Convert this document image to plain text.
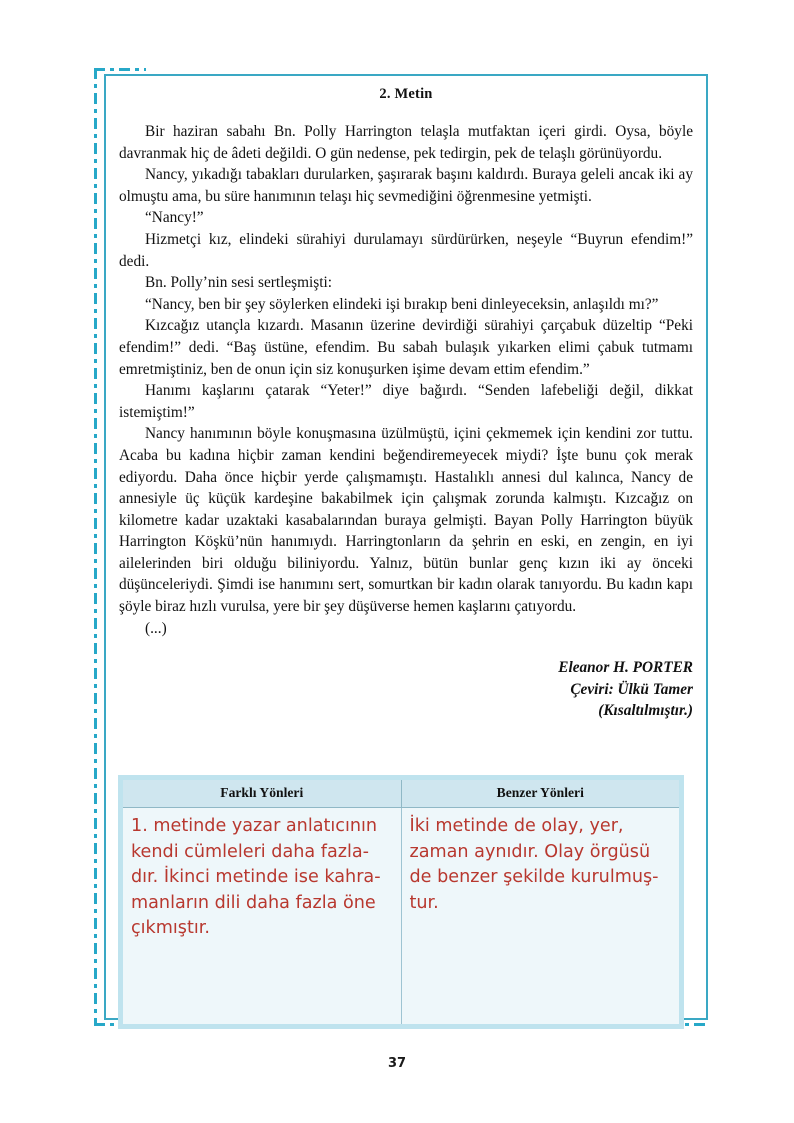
2. Metin

Bir haziran sabahı Bn. Polly Harrington telaşla mutfaktan içeri girdi. Oysa, böyle davranmak hiç de âdeti değildi. O gün nedense, pek tedirgin, pek de telaşlı görünüyordu.

Nancy, yıkadığı tabakları durularken, şaşırarak başını kaldırdı. Buraya geleli ancak iki ay olmuştu ama, bu süre hanımının telaşı hiç sevmediğini öğrenmesine yetmişti.

“Nancy!”

Hizmetçi kız, elindeki sürahiyi durulamayı sürdürürken, neşeyle “Buyrun efendim!” dedi.

Bn. Polly’nin sesi sertleşmişti:

“Nancy, ben bir şey söylerken elindeki işi bırakıp beni dinleyeceksin, anlaşıldı mı?”

Kızcağız utançla kızardı. Masanın üzerine devirdiği sürahiyi çarçabuk düzeltip “Peki efendim!” dedi. “Baş üstüne, efendim. Bu sabah bulaşık yıkarken elimi çabuk tutmamı emretmiştiniz, ben de onun için siz konuşurken işime devam ettim efendim.”

Hanımı kaşlarını çatarak “Yeter!” diye bağırdı. “Senden lafebeliği değil, dikkat istemiştim!”

Nancy hanımının böyle konuşmasına üzülmüştü, içini çekmemek için kendini zor tuttu. Acaba bu kadına hiçbir zaman kendini beğendiremeyecek miydi? İşte bunu çok merak ediyordu. Daha önce hiçbir yerde çalışmamıştı. Hastalıklı annesi dul kalınca, Nancy de annesiyle üç küçük kardeşine bakabilmek için çalışmak zorunda kalmıştı. Kızcağız on kilometre kadar uzaktaki kasabalarından buraya gelmişti. Bayan Polly Harrington büyük Harrington Köşkü’nün hanımıydı. Harringtonların da şehrin en eski, en zengin, en iyi ailelerinden biri olduğu biliniyordu. Yalnız, bütün bunlar genç kızın iki ay önceki düşünceleriydi. Şimdi ise hanımını sert, somurtkan bir kadın olarak tanıyordu. Bu kadın kapı şöyle biraz hızlı vurulsa, yere bir şey düşüverse hemen kaşlarını çatıyordu.

(...)

Eleanor H. PORTER
Çeviri: Ülkü Tamer
(Kısaltılmıştır.)
Farklı Yönleri	Benzer Yönleri

1. metinde yazar anlatıcının kendi cümleleri daha fazla-dır. İkinci metinde ise kahra-manların dili daha fazla öne çıkmıştır.	İki metinde de olay, yer, zaman aynıdır. Olay örgüsü de benzer şekilde kurulmuş-tur.
37
